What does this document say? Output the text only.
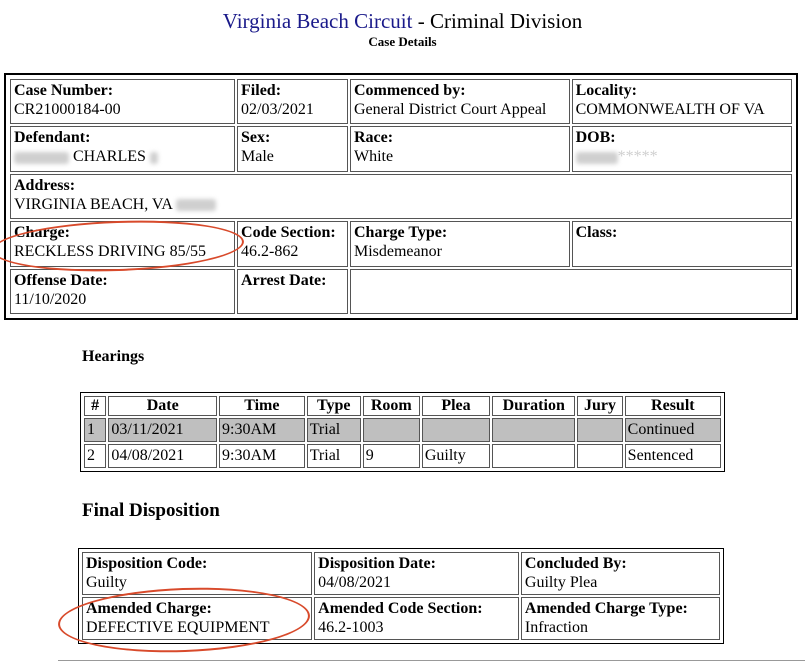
Virginia Beach Circuit - Criminal Division
Case Details
Case Number:
CR21000184-00	Filed:
02/03/2021	Commenced by:
General District Court Appeal	Locality:
COMMONWEALTH OF VA

Defendant:
CHARLES	Sex:
Male	Race:
White	DOB:
*****

Address:
VIRGINIA BEACH, VA			

Charge:
RECKLESS DRIVING 85/55	Code Section:
46.2-862	Charge Type:
Misdemeanor	Class:

Offense Date:
11/10/2020	Arrest Date:		

Hearings
#	Date	Time	Type	Room	Plea	Duration	Jury	Result
1	03/11/2021	9:30AM	Trial					Continued
2	04/08/2021	9:30AM	Trial	9	Guilty			Sentenced
Final Disposition
Disposition Code:
Guilty	Disposition Date:
04/08/2021	Concluded By:
Guilty Plea

Amended Charge:
DEFECTIVE EQUIPMENT	Amended Code Section:
46.2-1003	Amended Charge Type:
Infraction
